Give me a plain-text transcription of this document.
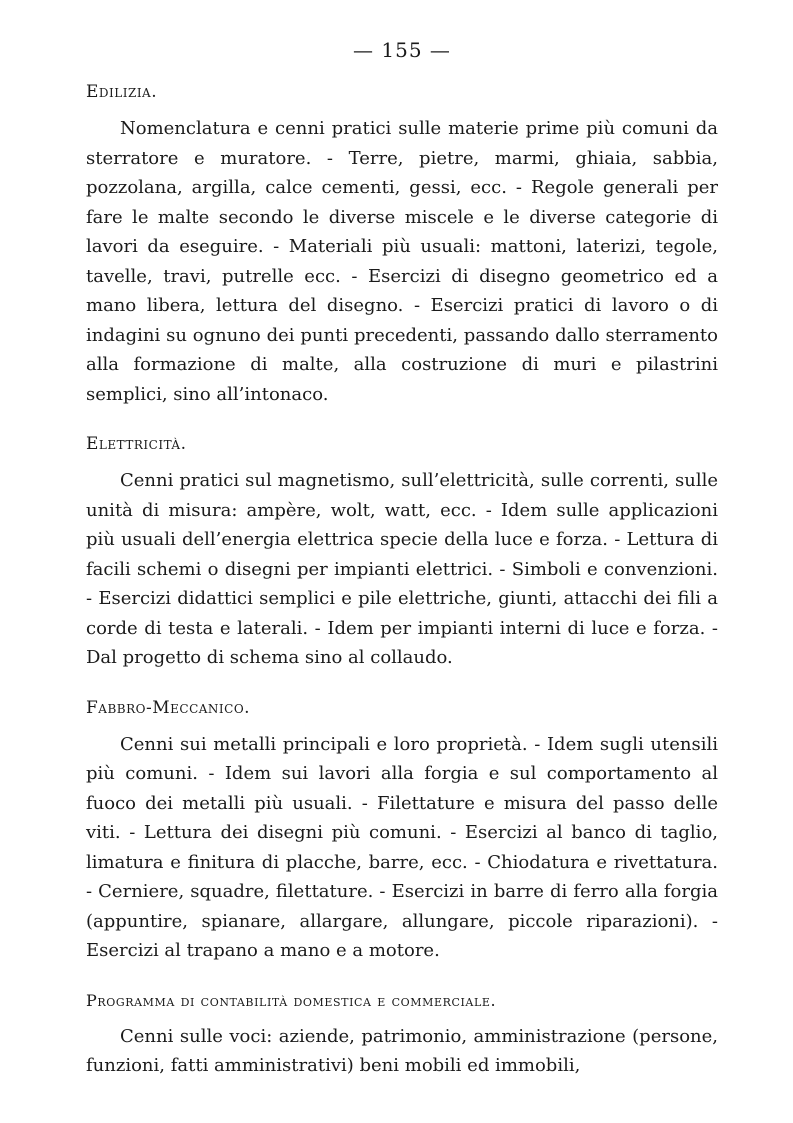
— 155 —
Edilizia.

Nomenclatura e cenni pratici sulle materie prime più comuni da sterratore e muratore. - Terre, pietre, marmi, ghiaia, sabbia, pozzolana, argilla, calce cementi, gessi, ecc. - Regole generali per fare le malte secondo le diverse miscele e le diverse categorie di lavori da eseguire. - Materiali più usuali: mattoni, laterizi, tegole, tavelle, travi, putrelle ecc. - Esercizi di disegno geometrico ed a mano libera, lettura del disegno. - Esercizi pratici di lavoro o di indagini su ognuno dei punti precedenti, passando dallo sterramento alla formazione di malte, alla costruzione di muri e pilastrini semplici, sino all’intonaco.

Elettricità.

Cenni pratici sul magnetismo, sull’elettricità, sulle correnti, sulle unità di misura: ampère, wolt, watt, ecc. - Idem sulle applicazioni più usuali dell’energia elettrica specie della luce e forza. - Lettura di facili schemi o disegni per impianti elettrici. - Simboli e convenzioni. - Esercizi didattici semplici e pile elettriche, giunti, attacchi dei fili a corde di testa e laterali. - Idem per impianti interni di luce e forza. - Dal progetto di schema sino al collaudo.

Fabbro-Meccanico.

Cenni sui metalli principali e loro proprietà. - Idem sugli utensili più comuni. - Idem sui lavori alla forgia e sul comportamento al fuoco dei metalli più usuali. - Filettature e misura del passo delle viti. - Lettura dei disegni più comuni. - Esercizi al banco di taglio, limatura e finitura di placche, barre, ecc. - Chiodatura e rivettatura. - Cerniere, squadre, filettature. - Esercizi in barre di ferro alla forgia (appuntire, spianare, allargare, allungare, piccole riparazioni). - Esercizi al trapano a mano e a motore.

Programma di contabilità domestica e commerciale.

Cenni sulle voci: aziende, patrimonio, amministrazione (persone, funzioni, fatti amministrativi) beni mobili ed immobili,
